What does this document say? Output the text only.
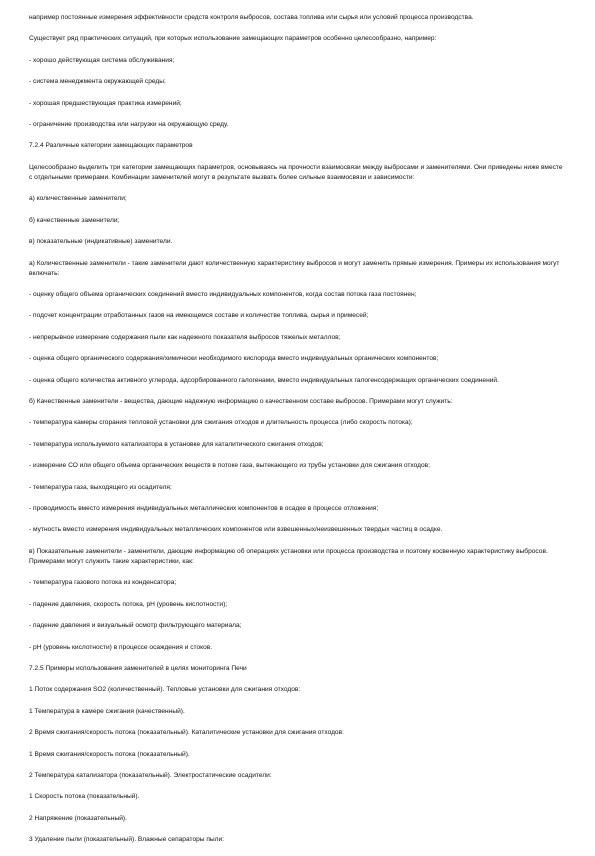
например постоянные измерения эффективности средств контроля выбросов, состава топлива или сырья или условий процесса производства.

Существует ряд практических ситуаций, при которых использование замещающих параметров особенно целесообразно, например:

- хорошо действующая система обслуживания;

- система менеджмента окружающей среды;

- хорошая предшествующая практика измерений;

- ограничение производства или нагрузки на окружающую среду.

7.2.4 Различные категории замещающих параметров

Целесообразно выделить три категории замещающих параметров, основываясь на прочности взаимосвязи между выбросами и заменителями. Они приведены ниже вместе с отдельными примерами. Комбинации заменителей могут в результате вызвать более сильные взаимосвязи и зависимости:

а) количественные заменители;

б) качественные заменители;

в) показательные (индикативные) заменители.

а) Количественные заменители - такие заменители дают количественную характеристику выбросов и могут заменить прямые измерения. Примеры их использования могут включать:

- оценку общего объема органических соединений вместо индивидуальных компонентов, когда состав потока газа постоянен;

- подсчет концентрации отработанных газов на имеющемся составе и количестве топлива, сырья и примесей;

- непрерывное измерение содержания пыли как надежного показателя выбросов тяжелых металлов;

- оценка общего органического содержания/химически необходимого кислорода вместо индивидуальных органических компонентов;

- оценка общего количества активного углерода, адсорбированного галогенами, вместо индивидуальных галогенсодержащих органических соединений.

б) Качественные заменители - вещества, дающие надежную информацию о качественном составе выбросов. Примерами могут служить:

- температура камеры сгорания тепловой установки для сжигания отходов и длительность процесса (либо скорость потока);

- температура используемого катализатора в установке для каталитического сжигания отходов;

- измерение СО или общего объема органических веществ в потоке газа, вытекающего из трубы установки для сжигания отходов;

- температура газа, выходящего из осадителя;

- проводимость вместо измерения индивидуальных металлических компонентов в осадке в процессе отложения;

- мутность вместо измерения индивидуальных металлических компонентов или взвешенных/неизвешенных твердых частиц в осадке.

в) Показательные заменители - заменители, дающие информацию об операциях установки или процесса производства и поэтому косвенную характеристику выбросов. Примерами могут служить такие характеристики, как:

- температура газового потока из конденсатора;

- падение давления, скорость потока, pH (уровень кислотности);

- падение давления и визуальный осмотр фильтрующего материала;

- pH (уровень кислотности) в процессе осаждения и стоков.

7.2.5 Примеры использования заменителей в целях мониторинга Печи

1 Поток содержания SO2 (количественный). Тепловые установки для сжигания отходов:

1 Температура в камере сжигания (качественный).

2 Время сжигания/скорость потока (показательный). Каталитические установки для сжигания отходов:

1 Время сжигания/скорость потока (показательный).

2 Температура катализатора (показательный). Электростатические осадители:

1 Скорость потока (показательный).

2 Напряжение (показательный).

3 Удаление пыли (показательный). Влажные сепараторы пыли:
